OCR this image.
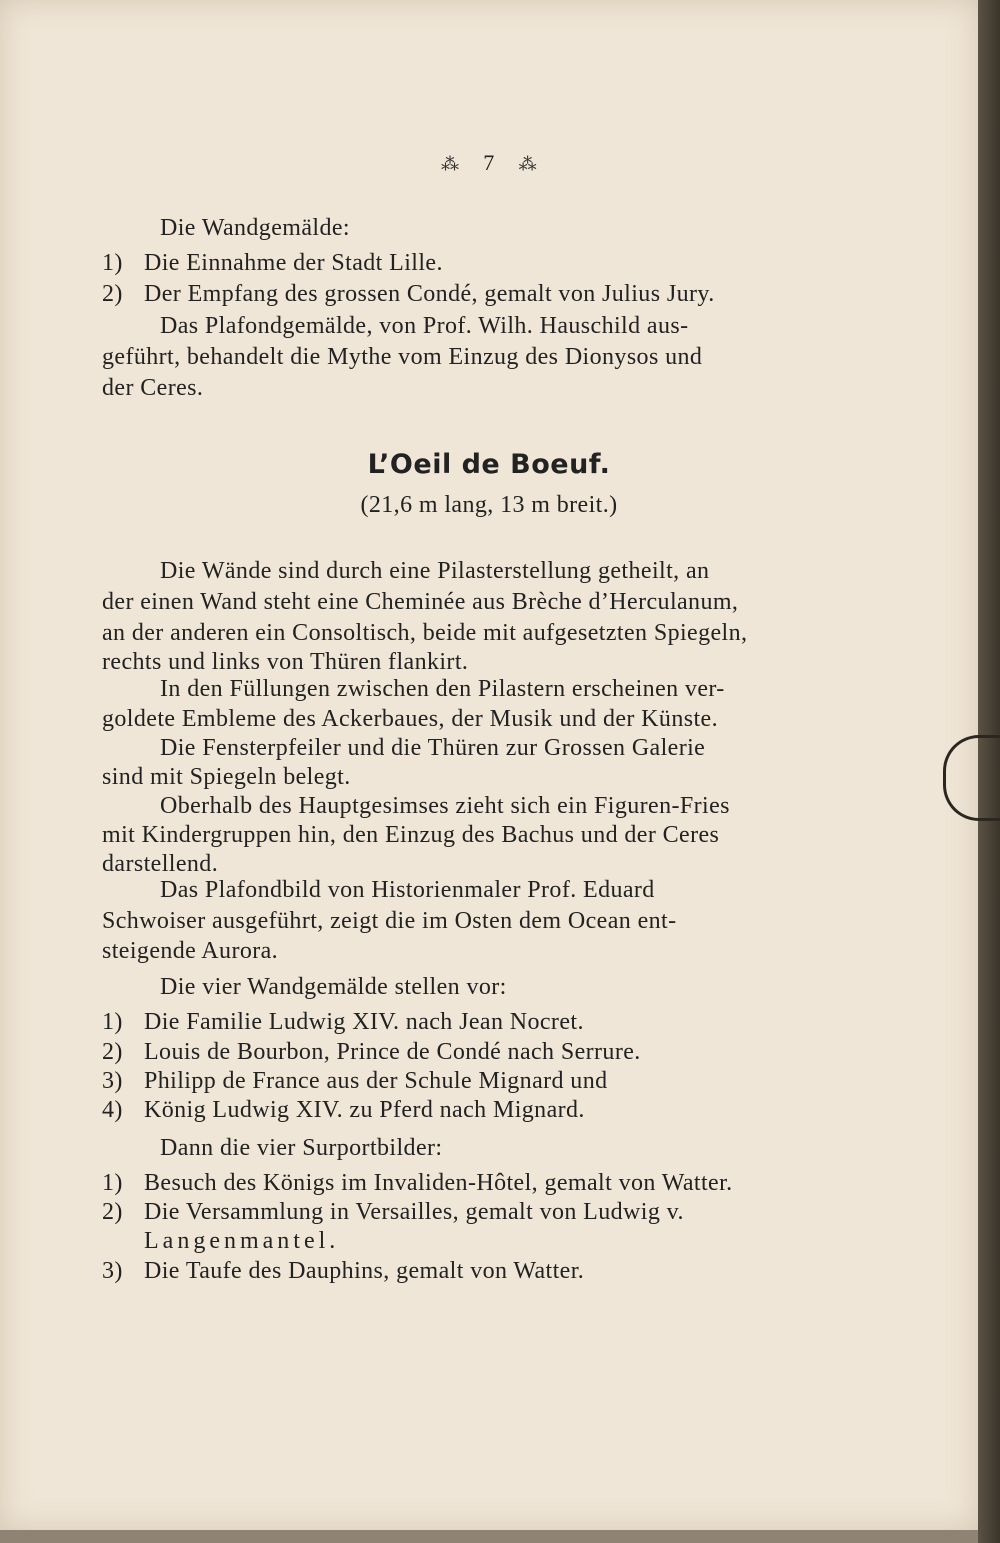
⁂ 7 ⁂
Die Wandgemälde:
1) Die Einnahme der Stadt Lille.
2) Der Empfang des grossen Condé, gemalt von Julius Jury.
Das Plafondgemälde, von Prof. Wilh. Hauschild aus-
geführt, behandelt die Mythe vom Einzug des Dionysos und
der Ceres.
L’Oeil de Boeuf.
(21,6 m lang, 13 m breit.)
Die Wände sind durch eine Pilasterstellung getheilt, an
der einen Wand steht eine Cheminée aus Brèche d’Herculanum,
an der anderen ein Consoltisch, beide mit aufgesetzten Spiegeln,
rechts und links von Thüren flankirt.
In den Füllungen zwischen den Pilastern erscheinen ver-
goldete Embleme des Ackerbaues, der Musik und der Künste.
Die Fensterpfeiler und die Thüren zur Grossen Galerie
sind mit Spiegeln belegt.
Oberhalb des Hauptgesimses zieht sich ein Figuren-Fries
mit Kindergruppen hin, den Einzug des Bachus und der Ceres
darstellend.
Das Plafondbild von Historienmaler Prof. Eduard
Schwoiser ausgeführt, zeigt die im Osten dem Ocean ent-
steigende Aurora.
Die vier Wandgemälde stellen vor:
1) Die Familie Ludwig XIV. nach Jean Nocret.
2) Louis de Bourbon, Prince de Condé nach Serrure.
3) Philipp de France aus der Schule Mignard und
4) König Ludwig XIV. zu Pferd nach Mignard.
Dann die vier Surportbilder:
1) Besuch des Königs im Invaliden-Hôtel, gemalt von Watter.
2) Die Versammlung in Versailles, gemalt von Ludwig v.
Langenmantel.
3) Die Taufe des Dauphins, gemalt von Watter.
